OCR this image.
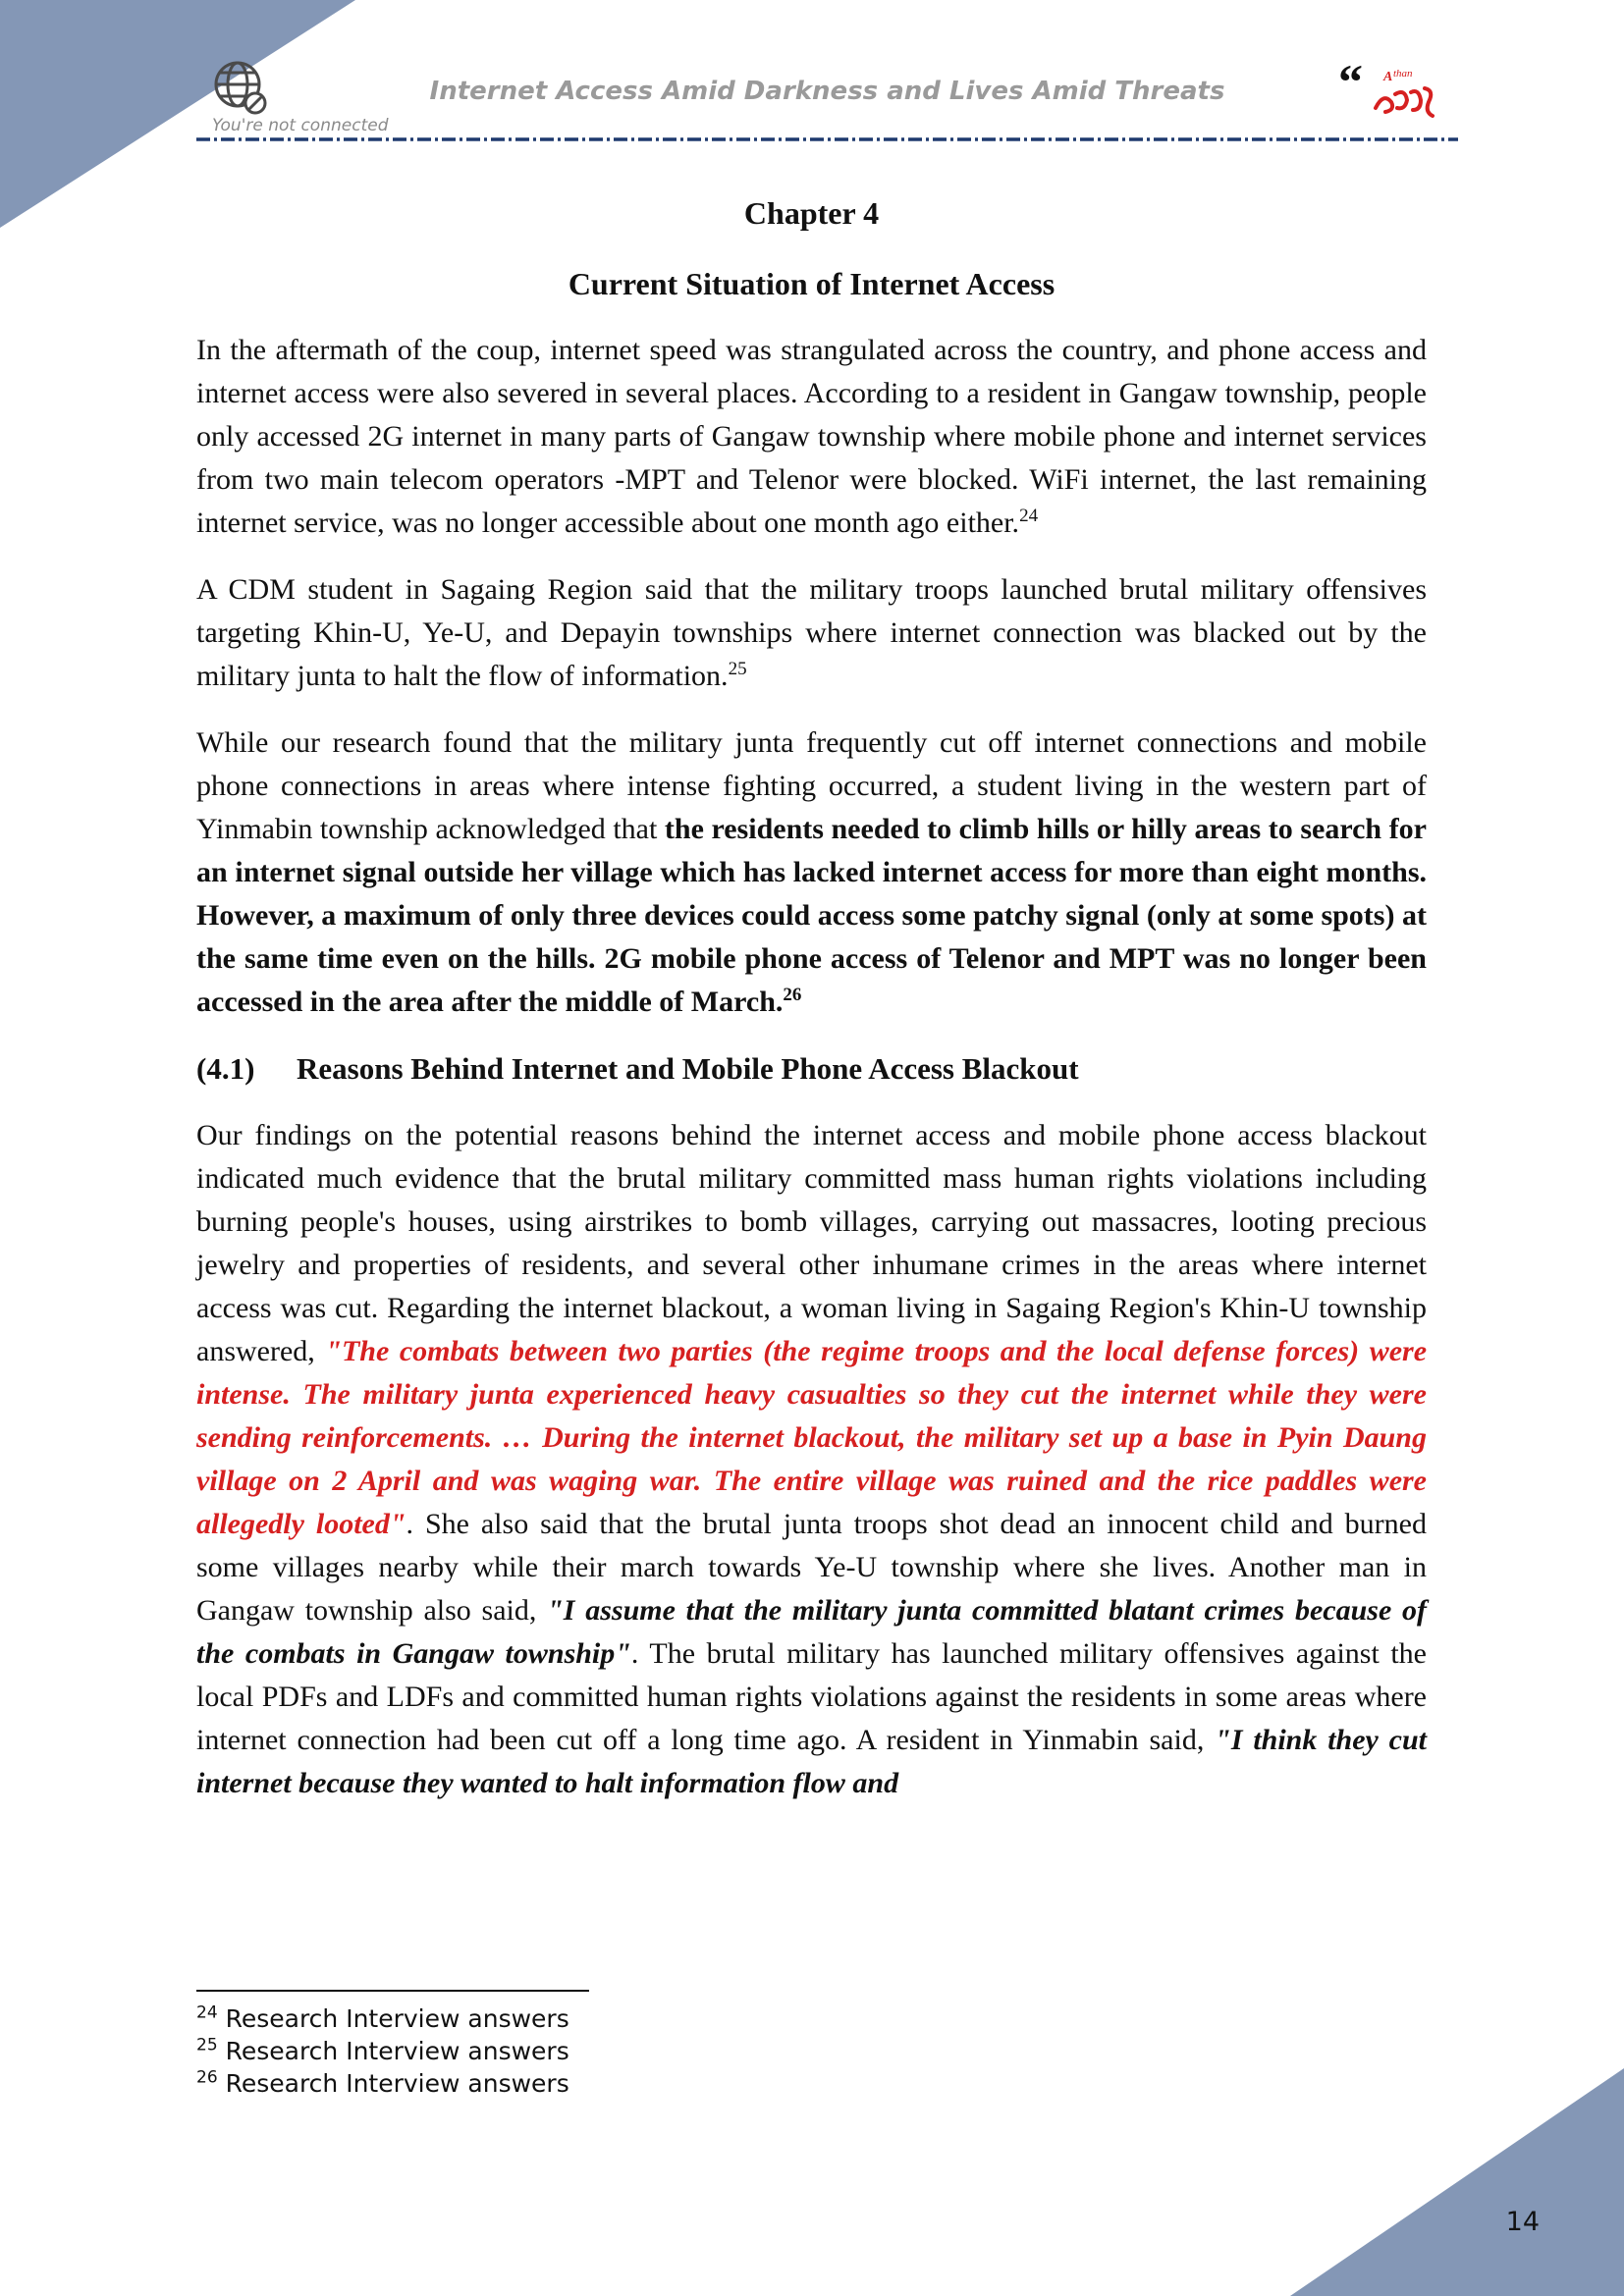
You're not connected
Internet Access Amid Darkness and Lives Amid Threats	“ A than
Chapter 4
Current Situation of Internet Access

In the aftermath of the coup, internet speed was strangulated across the country, and phone access and internet access were also severed in several places. According to a resident in Gangaw township, people only accessed 2G internet in many parts of Gangaw township where mobile phone and internet services from two main telecom operators -MPT and Telenor were blocked. WiFi internet, the last remaining internet service, was no longer accessible about one month ago either.$^{24}$

A CDM student in Sagaing Region said that the military troops launched brutal military offensives targeting Khin-U, Ye-U, and Depayin townships where internet connection was blacked out by the military junta to halt the flow of information.$^{25}$

While our research found that the military junta frequently cut off internet connections and mobile phone connections in areas where intense fighting occurred, a student living in the western part of Yinmabin township acknowledged that the residents needed to climb hills or hilly areas to search for an internet signal outside her village which has lacked internet access for more than eight months. However, a maximum of only three devices could access some patchy signal (only at some spots) at the same time even on the hills. 2G mobile phone access of Telenor and MPT was no longer been accessed in the area after the middle of March.$^{26}$

(4.1) Reasons Behind Internet and Mobile Phone Access Blackout

Our findings on the potential reasons behind the internet access and mobile phone access blackout indicated much evidence that the brutal military committed mass human rights violations including burning people's houses, using airstrikes to bomb villages, carrying out massacres, looting precious jewelry and properties of residents, and several other inhumane crimes in the areas where internet access was cut. Regarding the internet blackout, a woman living in Sagaing Region's Khin-U township answered, "The combats between two parties (the regime troops and the local defense forces) were intense. The military junta experienced heavy casualties so they cut the internet while they were sending reinforcements. … During the internet blackout, the military set up a base in Pyin Daung village on 2 April and was waging war. The entire village was ruined and the rice paddles were allegedly looted". She also said that the brutal junta troops shot dead an innocent child and burned some villages nearby while their march towards Ye-U township where she lives. Another man in Gangaw township also said, "I assume that the military junta committed blatant crimes because of the combats in Gangaw township". The brutal military has launched military offensives against the local PDFs and LDFs and committed human rights violations against the residents in some areas where internet connection had been cut off a long time ago. A resident in Yinmabin said, "I think they cut internet because they wanted to halt information flow and

$^{24}$ Research Interview answers
$^{25}$ Research Interview answers
$^{26}$ Research Interview answers
14
